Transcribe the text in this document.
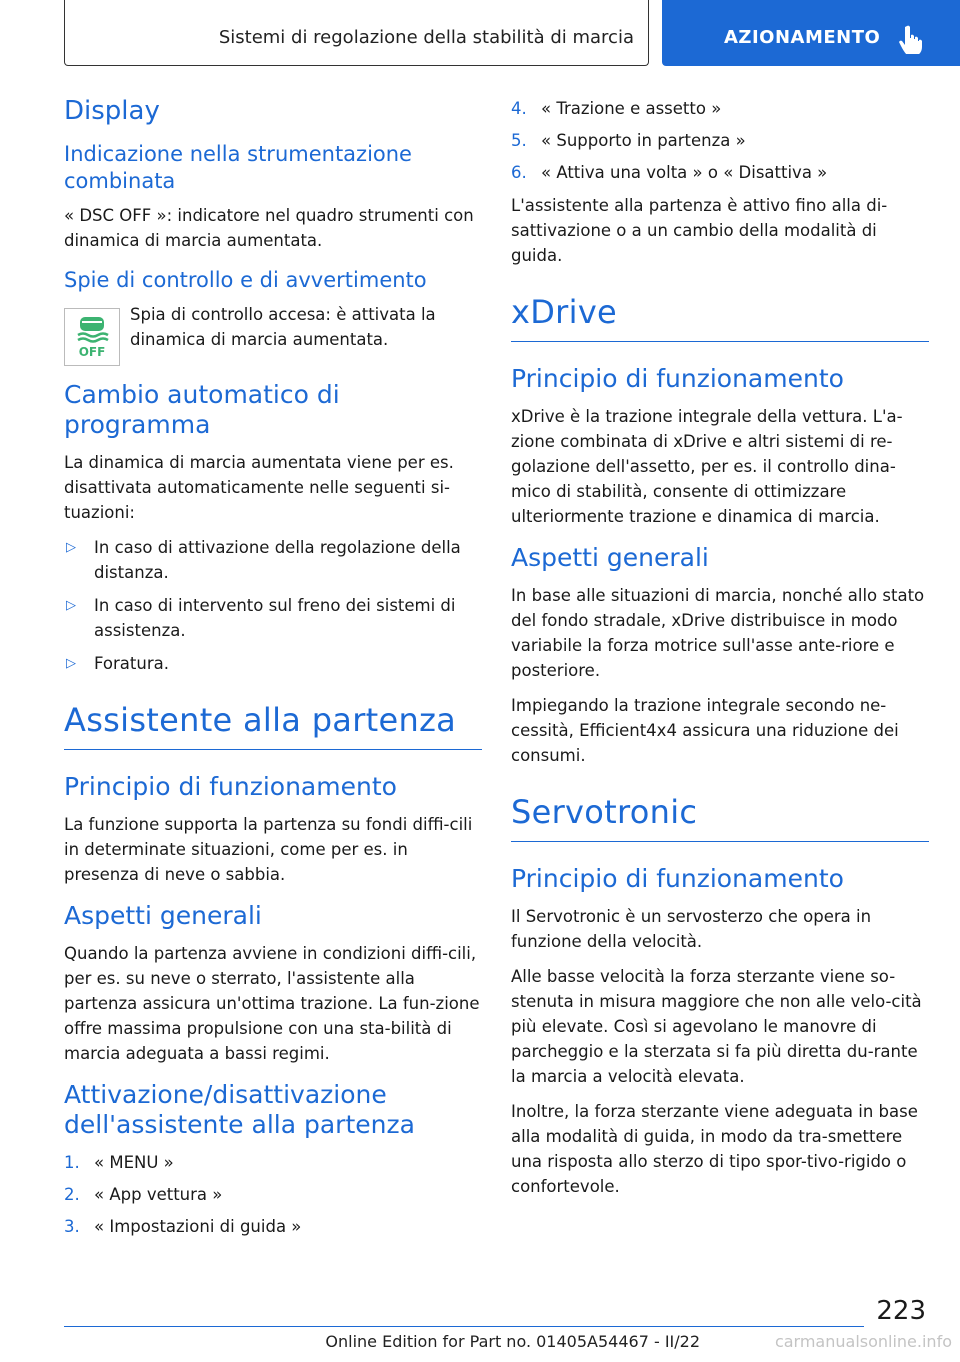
Sistemi di regolazione della stabilità di marcia	AZIONAMENTO
Display
Indicazione nella strumentazione combinata

« DSC OFF »: indicatore nel quadro strumenti con dinamica di marcia aumentata.

Spie di controllo e di avvertimento
OFF

Spia di controllo accesa: è attivata la dinamica di marcia aumentata.

Cambio automatico di programma

La dinamica di marcia aumentata viene per es. disattivata automaticamente nelle seguenti si-tuazioni:

▷ In caso di attivazione della regolazione della distanza.
▷ In caso di intervento sul freno dei sistemi di assistenza.
▷ Foratura.
Assistente alla partenza
Principio di funzionamento

La funzione supporta la partenza su fondi diffi-cili in determinate situazioni, come per es. in presenza di neve o sabbia.

Aspetti generali

Quando la partenza avviene in condizioni diffi-cili, per es. su neve o sterrato, l'assistente alla partenza assicura un'ottima trazione. La fun-zione offre massima propulsione con una sta-bilità di marcia adeguata a bassi regimi.

Attivazione/disattivazione dell'assistente alla partenza
1. « MENU »
2. « App vettura »
3. « Impostazioni di guida »
4. « Trazione e assetto »
5. « Supporto in partenza »
6. « Attiva una volta » o « Disattiva »

L'assistente alla partenza è attivo fino alla di-sattivazione o a un cambio della modalità di guida.

xDrive
Principio di funzionamento

xDrive è la trazione integrale della vettura. L'a-zione combinata di xDrive e altri sistemi di re-golazione dell'assetto, per es. il controllo dina-mico di stabilità, consente di ottimizzare ulteriormente trazione e dinamica di marcia.

Aspetti generali

In base alle situazioni di marcia, nonché allo stato del fondo stradale, xDrive distribuisce in modo variabile la forza motrice sull'asse ante-riore e posteriore.

Impiegando la trazione integrale secondo ne-cessità, Efficient4x4 assicura una riduzione dei consumi.

Servotronic
Principio di funzionamento

Il Servotronic è un servosterzo che opera in funzione della velocità.

Alle basse velocità la forza sterzante viene so-stenuta in misura maggiore che non alle velo-cità più elevate. Così si agevolano le manovre di parcheggio e la sterzata si fa più diretta du-rante la marcia a velocità elevata.

Inoltre, la forza sterzante viene adeguata in base alla modalità di guida, in modo da tra-smettere una risposta allo sterzo di tipo spor-tivo-rigido o confortevole.

223
Online Edition for Part no. 01405A54467 - II/22	carmanualsonline.info
